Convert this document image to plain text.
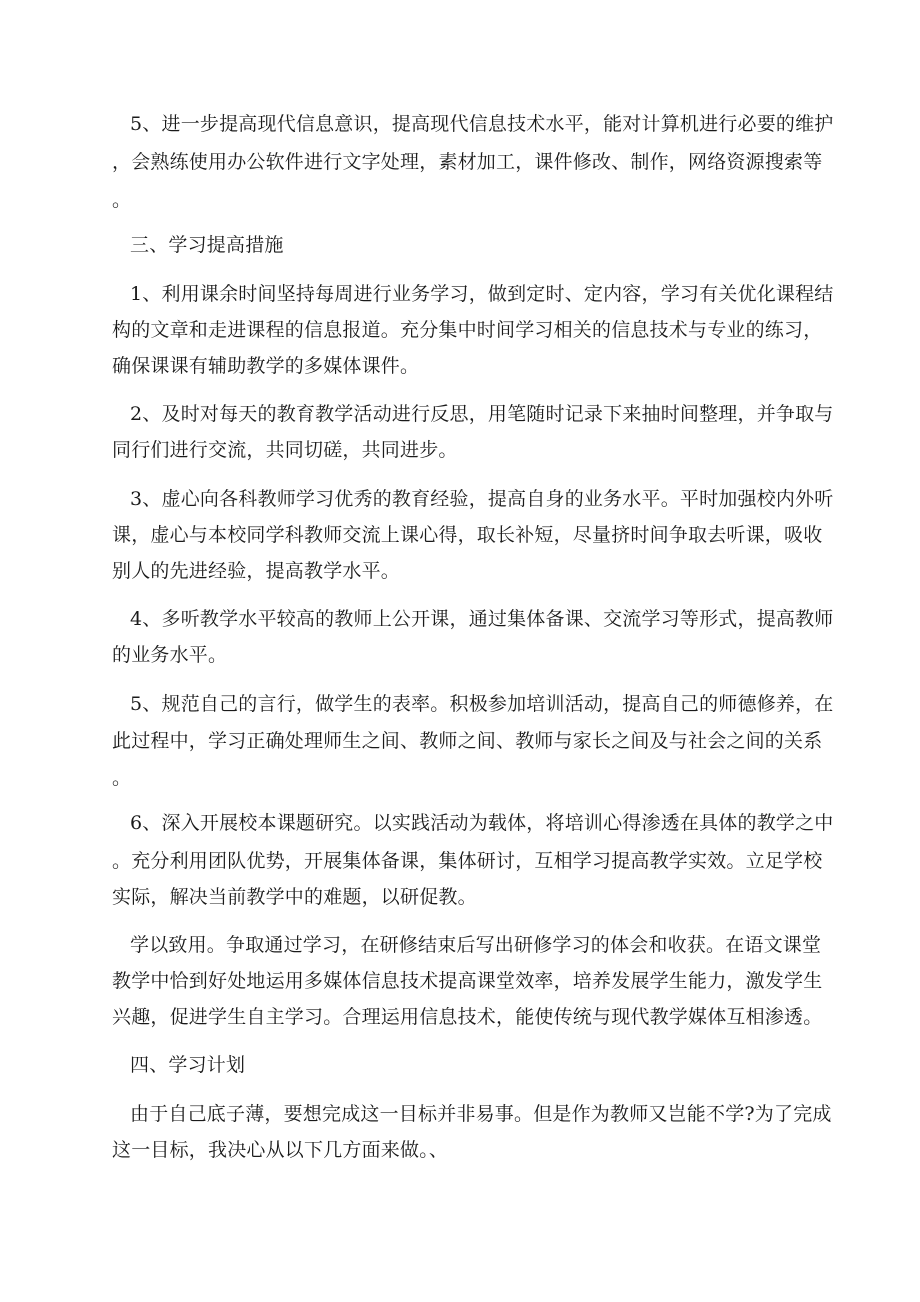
5、进一步提高现代信息意识，提高现代信息技术水平，能对计算机进行必要的维护
，会熟练使用办公软件进行文字处理，素材加工，课件修改、制作，网络资源搜索等
。
三、学习提高措施
1、利用课余时间坚持每周进行业务学习，做到定时、定内容，学习有关优化课程结
构的文章和走进课程的信息报道。充分集中时间学习相关的信息技术与专业的练习，
确保课课有辅助教学的多媒体课件。
2、及时对每天的教育教学活动进行反思，用笔随时记录下来抽时间整理，并争取与
同行们进行交流，共同切磋，共同进步。
3、虚心向各科教师学习优秀的教育经验，提高自身的业务水平。平时加强校内外听
课，虚心与本校同学科教师交流上课心得，取长补短，尽量挤时间争取去听课，吸收
别人的先进经验，提高教学水平。
4、多听教学水平较高的教师上公开课，通过集体备课、交流学习等形式，提高教师
的业务水平。
5、规范自己的言行，做学生的表率。积极参加培训活动，提高自己的师德修养，在
此过程中，学习正确处理师生之间、教师之间、教师与家长之间及与社会之间的关系
。
6、深入开展校本课题研究。以实践活动为载体，将培训心得渗透在具体的教学之中
。充分利用团队优势，开展集体备课，集体研讨，互相学习提高教学实效。立足学校
实际，解决当前教学中的难题，以研促教。
学以致用。争取通过学习，在研修结束后写出研修学习的体会和收获。在语文课堂
教学中恰到好处地运用多媒体信息技术提高课堂效率，培养发展学生能力，激发学生
兴趣，促进学生自主学习。合理运用信息技术，能使传统与现代教学媒体互相渗透。
四、学习计划
由于自己底子薄，要想完成这一目标并非易事。但是作为教师又岂能不学?为了完成
这一目标，我决心从以下几方面来做。、
